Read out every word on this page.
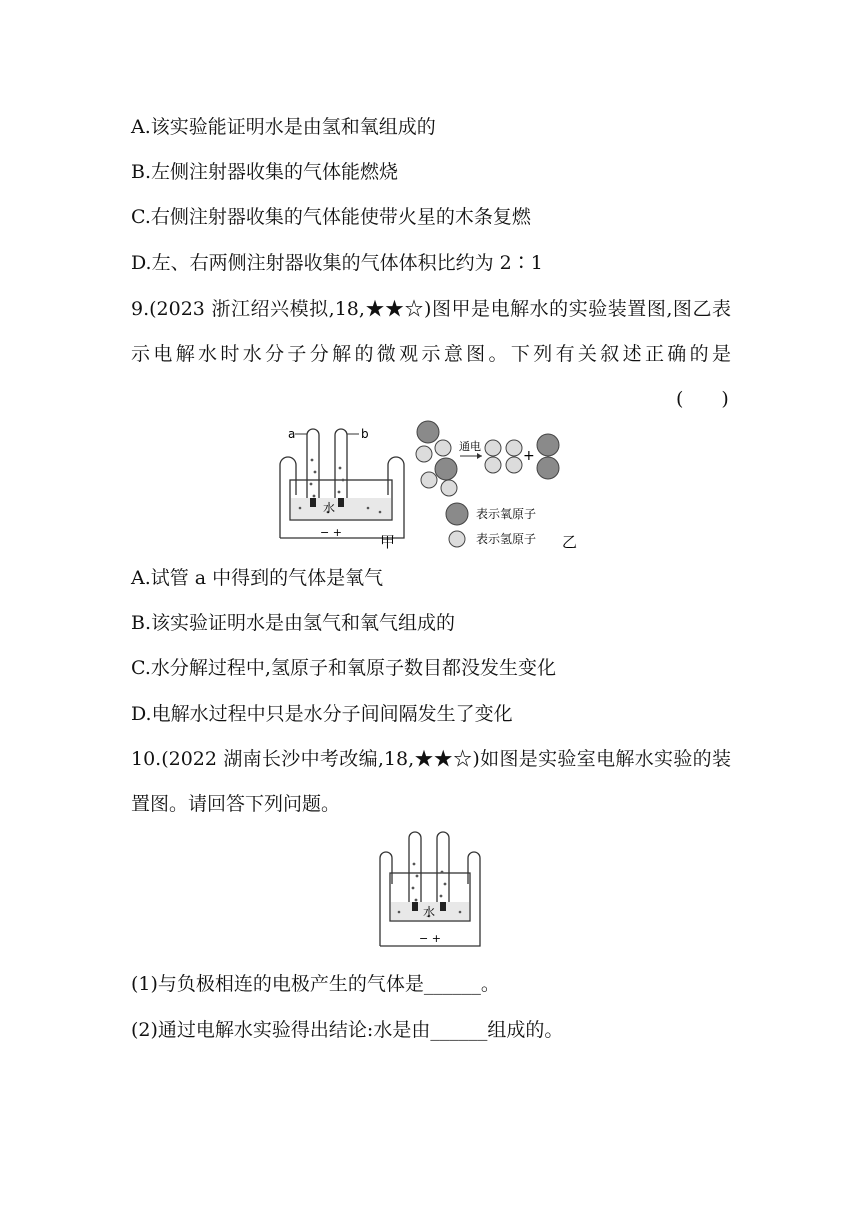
A.该实验能证明水是由氢和氧组成的
B.左侧注射器收集的气体能燃烧
C.右侧注射器收集的气体能使带火星的木条复燃
D.左、右两侧注射器收集的气体体积比约为 2∶1
9.(2023 浙江绍兴模拟,18,★★☆)图甲是电解水的实验装置图,图乙表
示电解水时水分子分解的微观示意图。下列有关叙述正确的是
(　　)
a	b
水
− +
甲
通电
+
表示氧原子
表示氢原子 乙
A.试管 a 中得到的气体是氧气
B.该实验证明水是由氢气和氧气组成的
C.水分解过程中,氢原子和氧原子数目都没发生变化
D.电解水过程中只是水分子间间隔发生了变化
10.(2022 湖南长沙中考改编,18,★★☆)如图是实验室电解水实验的装
置图。请回答下列问题。
水
− +
(1)与负极相连的电极产生的气体是______。
(2)通过电解水实验得出结论:水是由______组成的。
